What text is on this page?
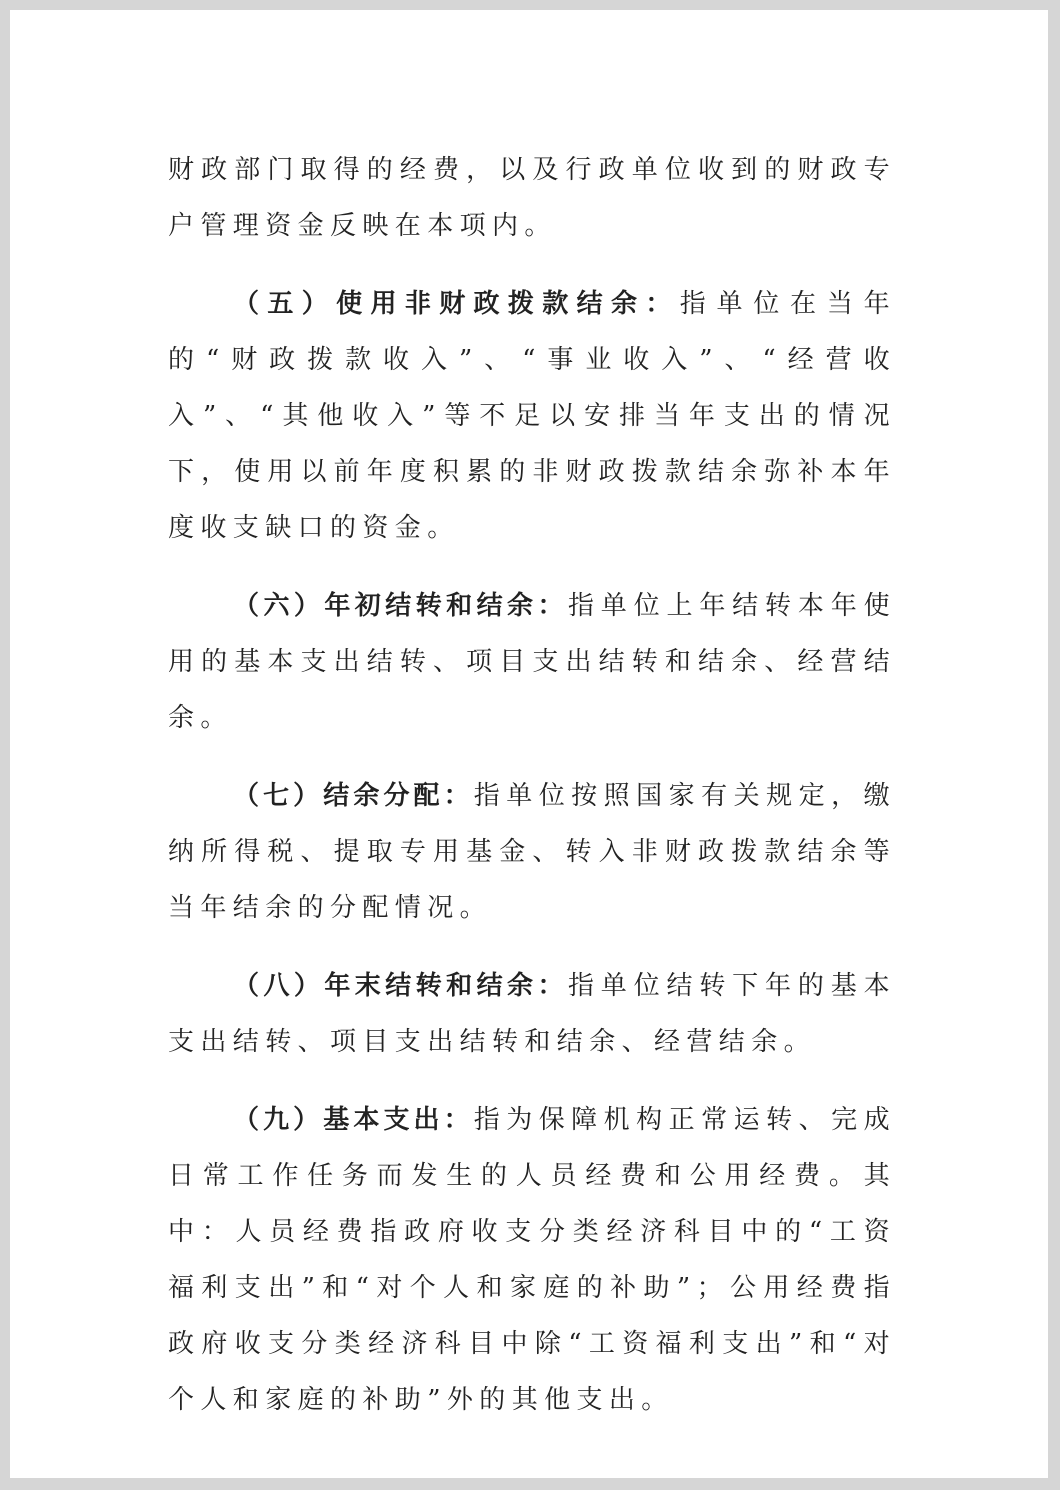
财政部门取得的经费，以及行政单位收到的财政专户管理资金反映在本项内。

（五）使用非财政拨款结余：指单位在当年的“财政拨款收入”、“事业收入”、“经营收入”、“其他收入”等不足以安排当年支出的情况下，使用以前年度积累的非财政拨款结余弥补本年度收支缺口的资金。

（六）年初结转和结余：指单位上年结转本年使用的基本支出结转、项目支出结转和结余、经营结余。

（七）结余分配：指单位按照国家有关规定，缴纳所得税、提取专用基金、转入非财政拨款结余等当年结余的分配情况。

（八）年末结转和结余：指单位结转下年的基本支出结转、项目支出结转和结余、经营结余。

（九）基本支出：指为保障机构正常运转、完成日常工作任务而发生的人员经费和公用经费。其中：人员经费指政府收支分类经济科目中的“工资福利支出”和“对个人和家庭的补助”；公用经费指政府收支分类经济科目中除“工资福利支出”和“对个人和家庭的补助”外的其他支出。
